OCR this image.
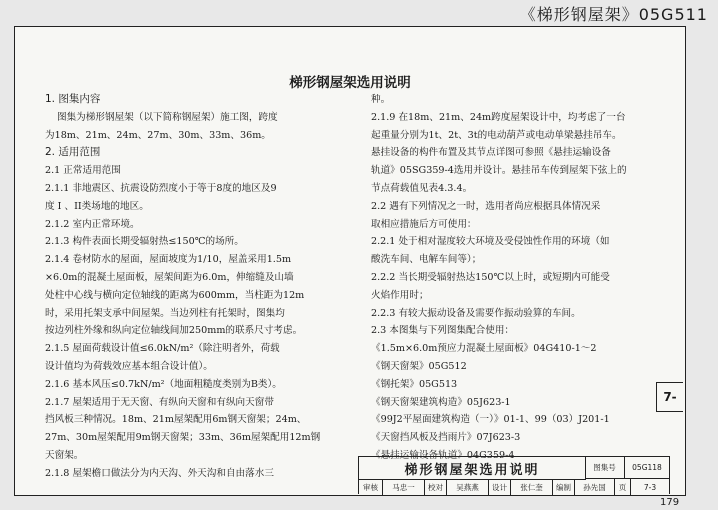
《梯形钢屋架》05G511
梯形钢屋架选用说明
1. 图集内容
图集为梯形钢屋架（以下简称钢屋架）施工图，跨度
为18m、21m、24m、27m、30m、33m、36m。
2. 适用范围
2.1 正常适用范围
2.1.1 非地震区、抗震设防烈度小于等于8度的地区及9
度 I 、II类场地的地区。
2.1.2 室内正常环境。
2.1.3 构件表面长期受辐射热≤150℃的场所。
2.1.4 卷材防水的屋面，屋面坡度为1/10，屋盖采用1.5m
×6.0m的混凝土屋面板，屋架间距为6.0m，伸缩缝及山墙
处柱中心线与横向定位轴线的距离为600mm，当柱距为12m
时，采用托架支承中间屋架。当边列柱有托架时，图集均
按边列柱外缘和纵向定位轴线间加250mm的联系尺寸考虑。
2.1.5 屋面荷载设计值≤6.0kN/m²（除注明者外，荷载
设计值均为荷载效应基本组合设计值）。
2.1.6 基本风压≤0.7kN/m²（地面粗糙度类别为B类）。
2.1.7 屋架适用于无天窗、有纵向天窗和有纵向天窗带
挡风板三种情况。18m、21m屋架配用6m钢天窗架；24m、
27m、30m屋架配用9m钢天窗架；33m、36m屋架配用12m钢
天窗架。
2.1.8 屋架檐口做法分为内天沟、外天沟和自由落水三
种。
2.1.9 在18m、21m、24m跨度屋架设计中，均考虑了一台
起重量分别为1t、2t、3t的电动葫芦或电动单梁悬挂吊车。
悬挂设备的构件布置及其节点详图可参照《悬挂运输设备
轨道》05SG359-4选用并设计。悬挂吊车传到屋架下弦上的
节点荷载值见表4.3.4。
2.2 遇有下列情况之一时，选用者尚应根据具体情况采
取相应措施后方可使用：
2.2.1 处于相对湿度较大环境及受侵蚀性作用的环境（如
酸洗车间、电解车间等）；
2.2.2 当长期受辐射热达150℃以上时，或短期内可能受
火焰作用时；
2.2.3 有较大振动设备及需要作振动验算的车间。
2.3 本图集与下列图集配合使用：
《1.5m×6.0m预应力混凝土屋面板》04G410-1～2
《钢天窗架》05G512
《钢托架》05G513
《钢天窗架建筑构造》05J623-1
《99J2平屋面建筑构造（一）》01-1、99（03）J201-1
《天窗挡风板及挡雨片》07J623-3
《悬挂运输设备轨道》04G359-4
7-
梯形钢屋架选用说明	图集号	05G118
审核	马忠一	校对	吴燕燕	设计	张仁奎	编制	孙先国	页	7-3
179
